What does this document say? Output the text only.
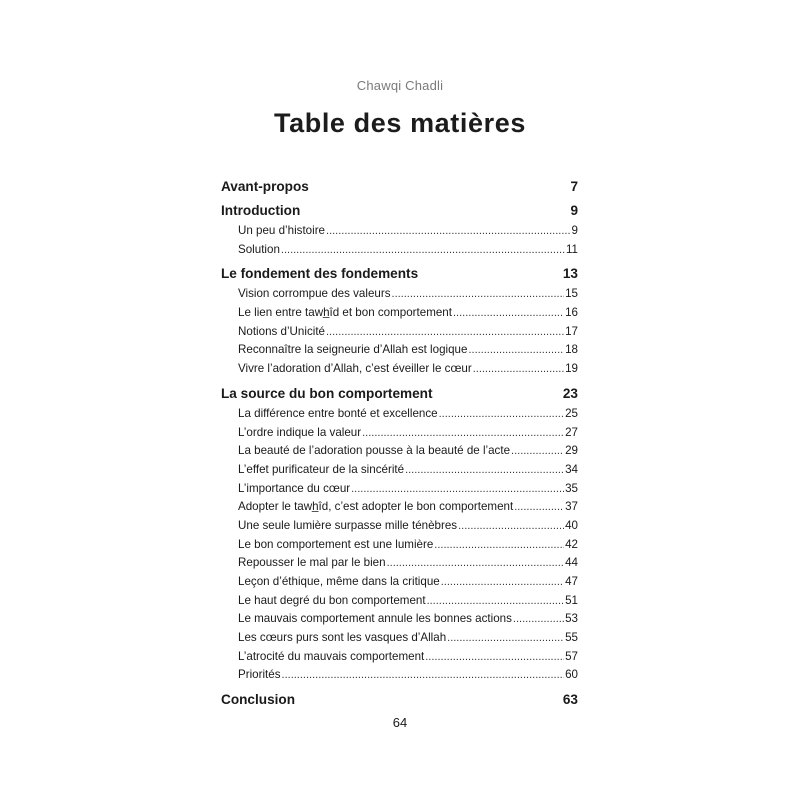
Chawqi Chadli
Table des matières
Avant-propos	7
Introduction	9
Un peu d’histoire .....	9
Solution .....	11
Le fondement des fondements	13
Vision corrompue des valeurs .....	15
Le lien entre tawh̲îd et bon comportement .....	16
Notions d’Unicité .....	17
Reconnaître la seigneurie d’Allah est logique .....	18
Vivre l’adoration d’Allah, c’est éveiller le cœur .....	19
La source du bon comportement	23
La différence entre bonté et excellence .....	25
L’ordre indique la valeur .....	27
La beauté de l’adoration pousse à la beauté de l’acte .....	29
L’effet purificateur de la sincérité .....	34
L’importance du cœur .....	35
Adopter le tawh̲îd, c’est adopter le bon comportement .....	37
Une seule lumière surpasse mille ténèbres .....	40
Le bon comportement est une lumière .....	42
Repousser le mal par le bien .....	44
Leçon d’éthique, même dans la critique .....	47
Le haut degré du bon comportement .....	51
Le mauvais comportement annule les bonnes actions .....	53
Les cœurs purs sont les vasques d’Allah .....	55
L’atrocité du mauvais comportement .....	57
Priorités .....	60
Conclusion	63
64
